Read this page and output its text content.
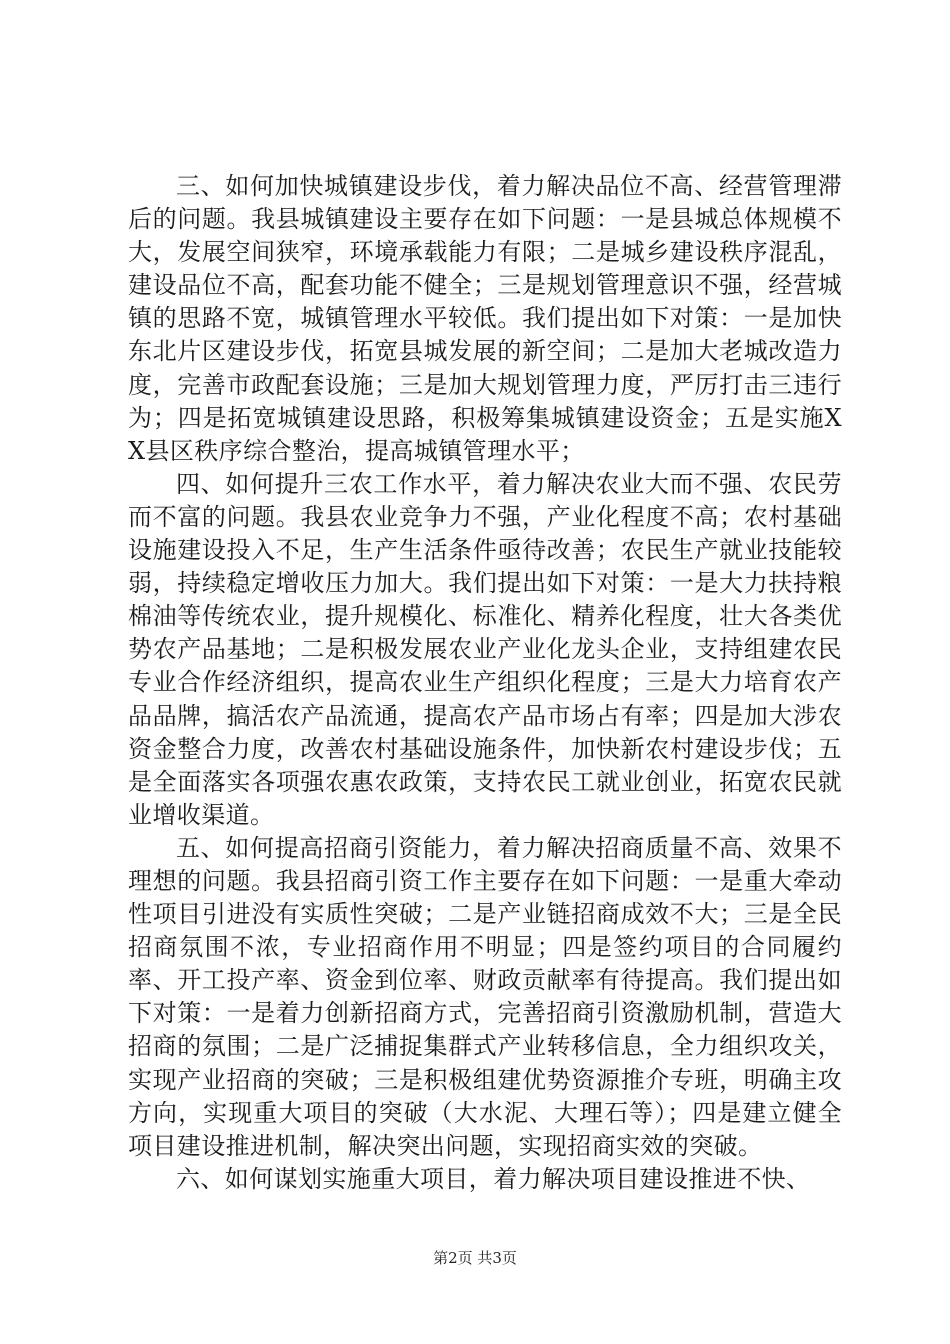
三、如何加快城镇建设步伐，着力解决品位不高、经营管理滞后的问题。我县城镇建设主要存在如下问题：一是县城总体规模不大，发展空间狭窄，环境承载能力有限；二是城乡建设秩序混乱，建设品位不高，配套功能不健全；三是规划管理意识不强，经营城镇的思路不宽，城镇管理水平较低。我们提出如下对策：一是加快东北片区建设步伐，拓宽县城发展的新空间；二是加大老城改造力度，完善市政配套设施；三是加大规划管理力度，严厉打击三违行为；四是拓宽城镇建设思路，积极筹集城镇建设资金；五是实施XX县区秩序综合整治，提高城镇管理水平；

四、如何提升三农工作水平，着力解决农业大而不强、农民劳而不富的问题。我县农业竞争力不强，产业化程度不高；农村基础设施建设投入不足，生产生活条件亟待改善；农民生产就业技能较弱，持续稳定增收压力加大。我们提出如下对策：一是大力扶持粮棉油等传统农业，提升规模化、标准化、精养化程度，壮大各类优势农产品基地；二是积极发展农业产业化龙头企业，支持组建农民专业合作经济组织，提高农业生产组织化程度；三是大力培育农产品品牌，搞活农产品流通，提高农产品市场占有率；四是加大涉农资金整合力度，改善农村基础设施条件，加快新农村建设步伐；五是全面落实各项强农惠农政策，支持农民工就业创业，拓宽农民就业增收渠道。

五、如何提高招商引资能力，着力解决招商质量不高、效果不理想的问题。我县招商引资工作主要存在如下问题：一是重大牵动性项目引进没有实质性突破；二是产业链招商成效不大；三是全民招商氛围不浓，专业招商作用不明显；四是签约项目的合同履约率、开工投产率、资金到位率、财政贡献率有待提高。我们提出如下对策：一是着力创新招商方式，完善招商引资激励机制，营造大招商的氛围；二是广泛捕捉集群式产业转移信息，全力组织攻关，实现产业招商的突破；三是积极组建优势资源推介专班，明确主攻方向，实现重大项目的突破（大水泥、大理石等）；四是建立健全项目建设推进机制，解决突出问题，实现招商实效的突破。

六、如何谋划实施重大项目，着力解决项目建设推进不快、

第2页 共3页
